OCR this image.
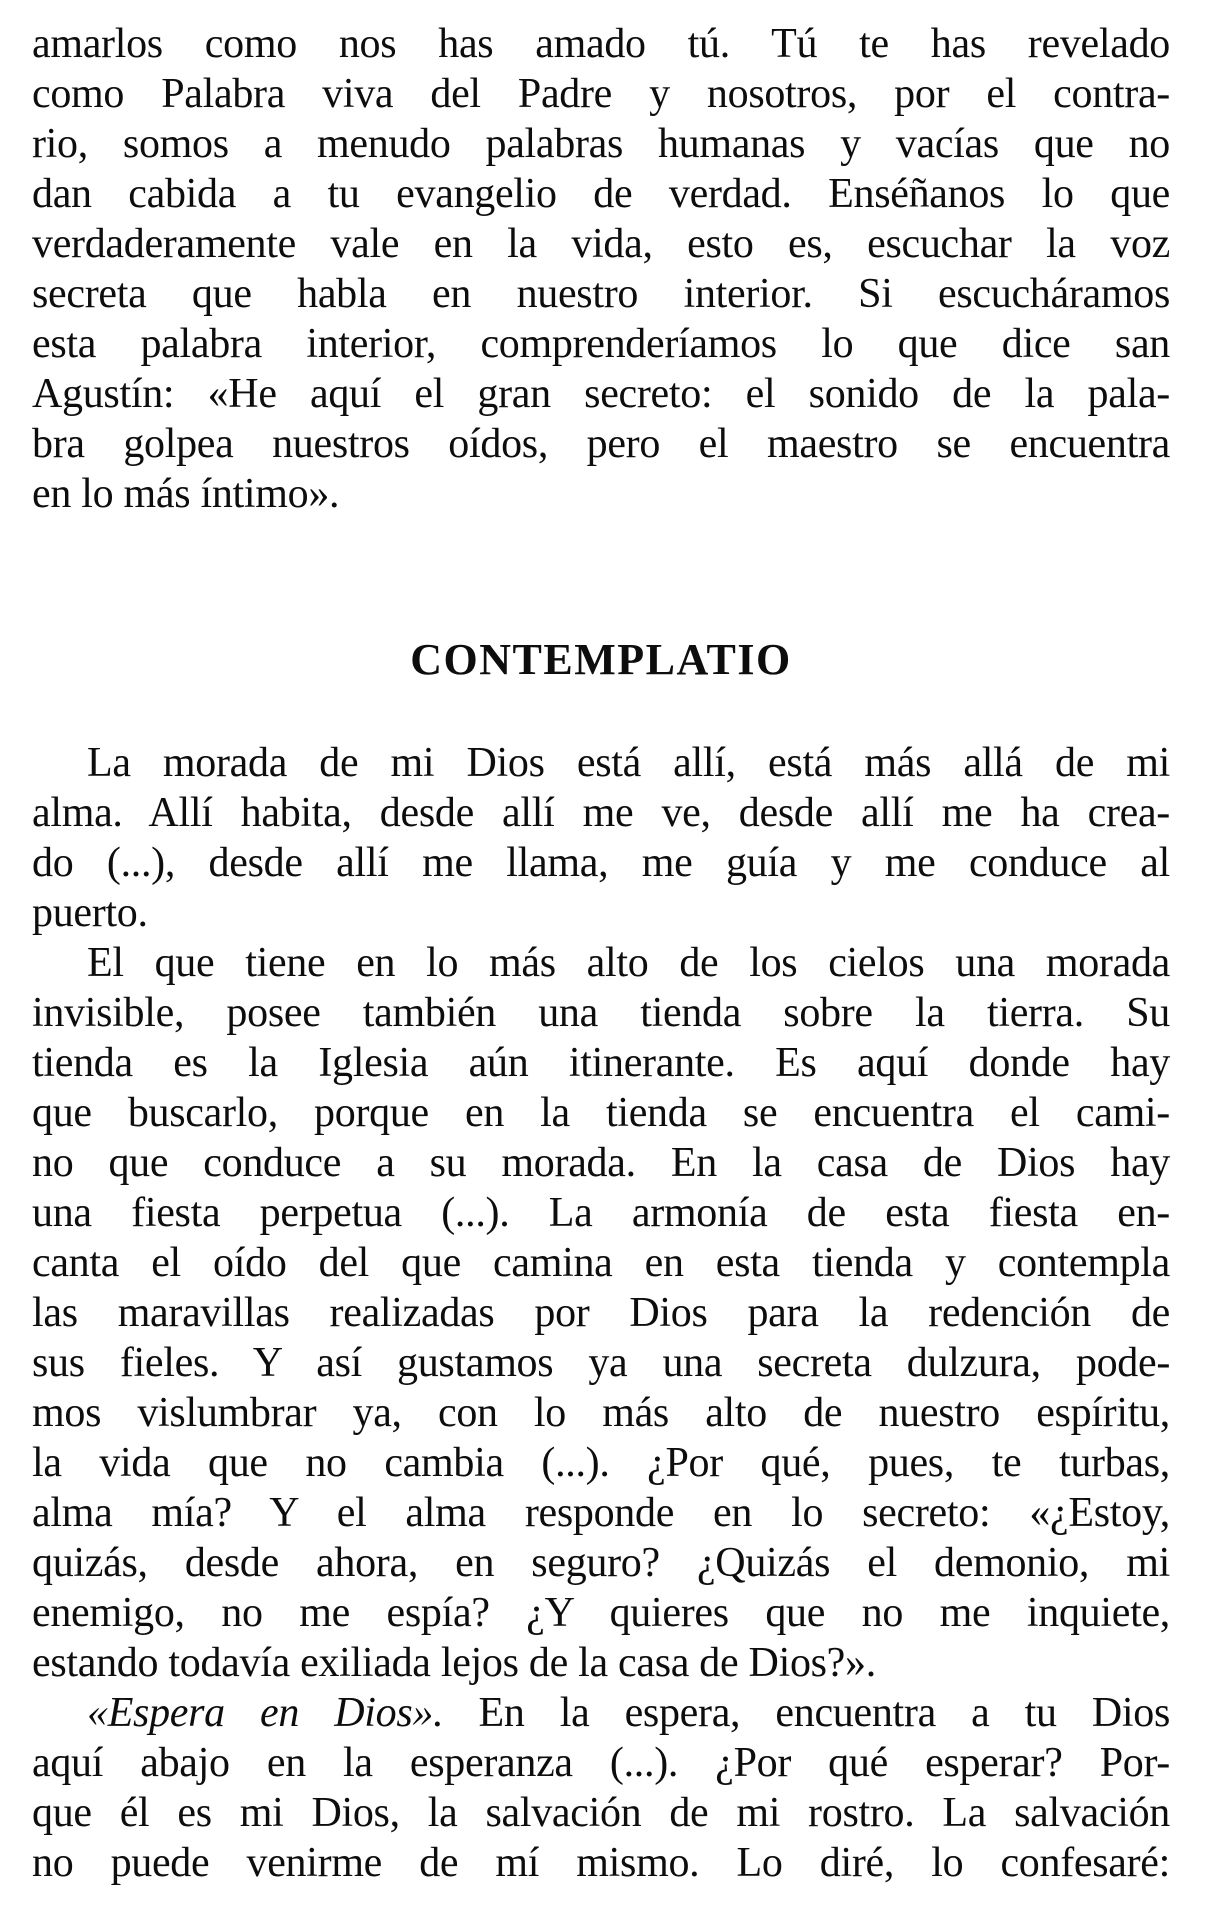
amarlos como nos has amado tú. Tú te has revelado
como Palabra viva del Padre y nosotros, por el contra-
rio, somos a menudo palabras humanas y vacías que no
dan cabida a tu evangelio de verdad. Enséñanos lo que
verdaderamente vale en la vida, esto es, escuchar la voz
secreta que habla en nuestro interior. Si escucháramos
esta palabra interior, comprenderíamos lo que dice san
Agustín: «He aquí el gran secreto: el sonido de la pala-
bra golpea nuestros oídos, pero el maestro se encuentra
en lo más íntimo».
CONTEMPLATIO
La morada de mi Dios está allí, está más allá de mi
alma. Allí habita, desde allí me ve, desde allí me ha crea-
do (...), desde allí me llama, me guía y me conduce al
puerto.
El que tiene en lo más alto de los cielos una morada
invisible, posee también una tienda sobre la tierra. Su
tienda es la Iglesia aún itinerante. Es aquí donde hay
que buscarlo, porque en la tienda se encuentra el cami-
no que conduce a su morada. En la casa de Dios hay
una fiesta perpetua (...). La armonía de esta fiesta en-
canta el oído del que camina en esta tienda y contempla
las maravillas realizadas por Dios para la redención de
sus fieles. Y así gustamos ya una secreta dulzura, pode-
mos vislumbrar ya, con lo más alto de nuestro espíritu,
la vida que no cambia (...). ¿Por qué, pues, te turbas,
alma mía? Y el alma responde en lo secreto: «¿Estoy,
quizás, desde ahora, en seguro? ¿Quizás el demonio, mi
enemigo, no me espía? ¿Y quieres que no me inquiete,
estando todavía exiliada lejos de la casa de Dios?».
«Espera en Dios». En la espera, encuentra a tu Dios
aquí abajo en la esperanza (...). ¿Por qué esperar? Por-
que él es mi Dios, la salvación de mi rostro. La salvación
no puede venirme de mí mismo. Lo diré, lo confesaré:
